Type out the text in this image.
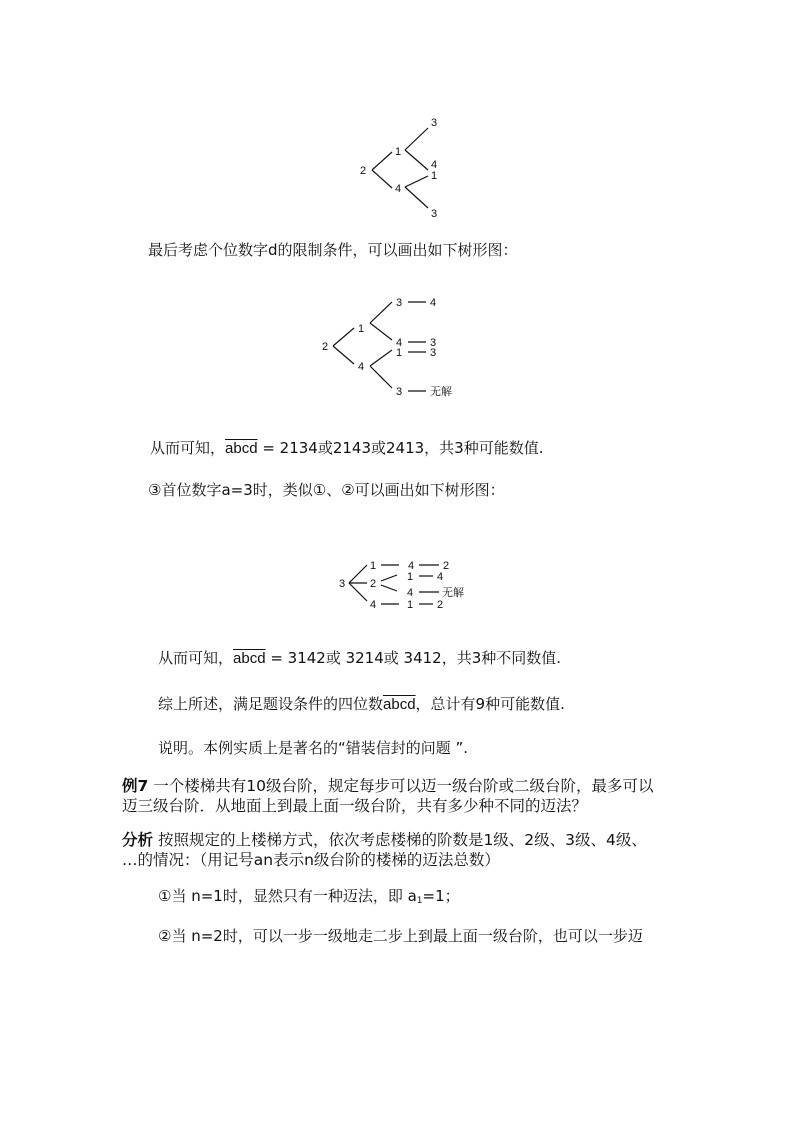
2
1
4
3
4
1
3
最后考虑个位数字d的限制条件，可以画出如下树形图：
2
1
4
3
4
1
3
4
3
3
无解
从而可知，abcd = 2134或2143或2413，共3种可能数值.
③首位数字a=3时，类似①、②可以画出如下树形图：
3
1
2
4
4	2
1 4
4	无解
1 2
从而可知，abcd = 3142或 3214或 3412，共3种不同数值.
综上所述，满足题设条件的四位数abcd，总计有9种可能数值.
说明。本例实质上是著名的“错装信封的问题 ”.
例7 一个楼梯共有10级台阶，规定每步可以迈一级台阶或二级台阶，最多可以
迈三级台阶．从地面上到最上面一级台阶，共有多少种不同的迈法？
分析 按照规定的上楼梯方式，依次考虑楼梯的阶数是1级、2级、3级、4级、
…的情况：（用记号an表示n级台阶的楼梯的迈法总数）
①当 n=1时，显然只有一种迈法，即 $a_1=1$；
②当 n=2时，可以一步一级地走二步上到最上面一级台阶，也可以一步迈
